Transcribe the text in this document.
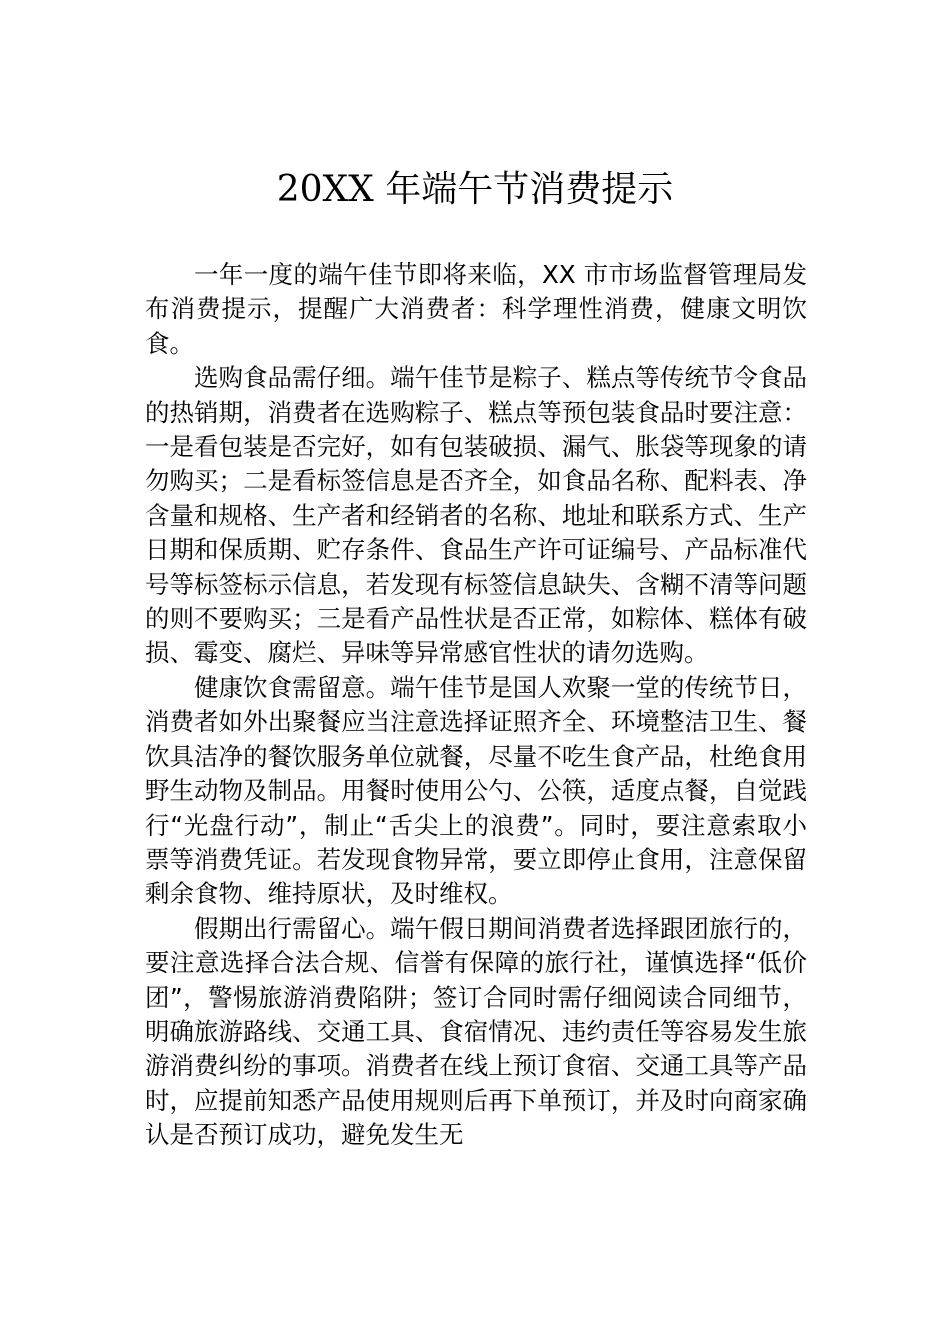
20XX 年端午节消费提示

一年一度的端午佳节即将来临，XX 市市场监督管理局发布消费提示，提醒广大消费者：科学理性消费，健康文明饮食。

选购食品需仔细。端午佳节是粽子、糕点等传统节令食品的热销期，消费者在选购粽子、糕点等预包装食品时要注意：一是看包装是否完好，如有包装破损、漏气、胀袋等现象的请勿购买；二是看标签信息是否齐全，如食品名称、配料表、净含量和规格、生产者和经销者的名称、地址和联系方式、生产日期和保质期、贮存条件、食品生产许可证编号、产品标准代号等标签标示信息，若发现有标签信息缺失、含糊不清等问题的则不要购买；三是看产品性状是否正常，如粽体、糕体有破损、霉变、腐烂、异味等异常感官性状的请勿选购。

健康饮食需留意。端午佳节是国人欢聚一堂的传统节日，消费者如外出聚餐应当注意选择证照齐全、环境整洁卫生、餐饮具洁净的餐饮服务单位就餐，尽量不吃生食产品，杜绝食用野生动物及制品。用餐时使用公勺、公筷，适度点餐，自觉践行“光盘行动”，制止“舌尖上的浪费”。同时，要注意索取小票等消费凭证。若发现食物异常，要立即停止食用，注意保留剩余食物、维持原状，及时维权。

假期出行需留心。端午假日期间消费者选择跟团旅行的，要注意选择合法合规、信誉有保障的旅行社，谨慎选择“低价团”，警惕旅游消费陷阱；签订合同时需仔细阅读合同细节，明确旅游路线、交通工具、食宿情况、违约责任等容易发生旅游消费纠纷的事项。消费者在线上预订食宿、交通工具等产品时，应提前知悉产品使用规则后再下单预订，并及时向商家确认是否预订成功，避免发生无
